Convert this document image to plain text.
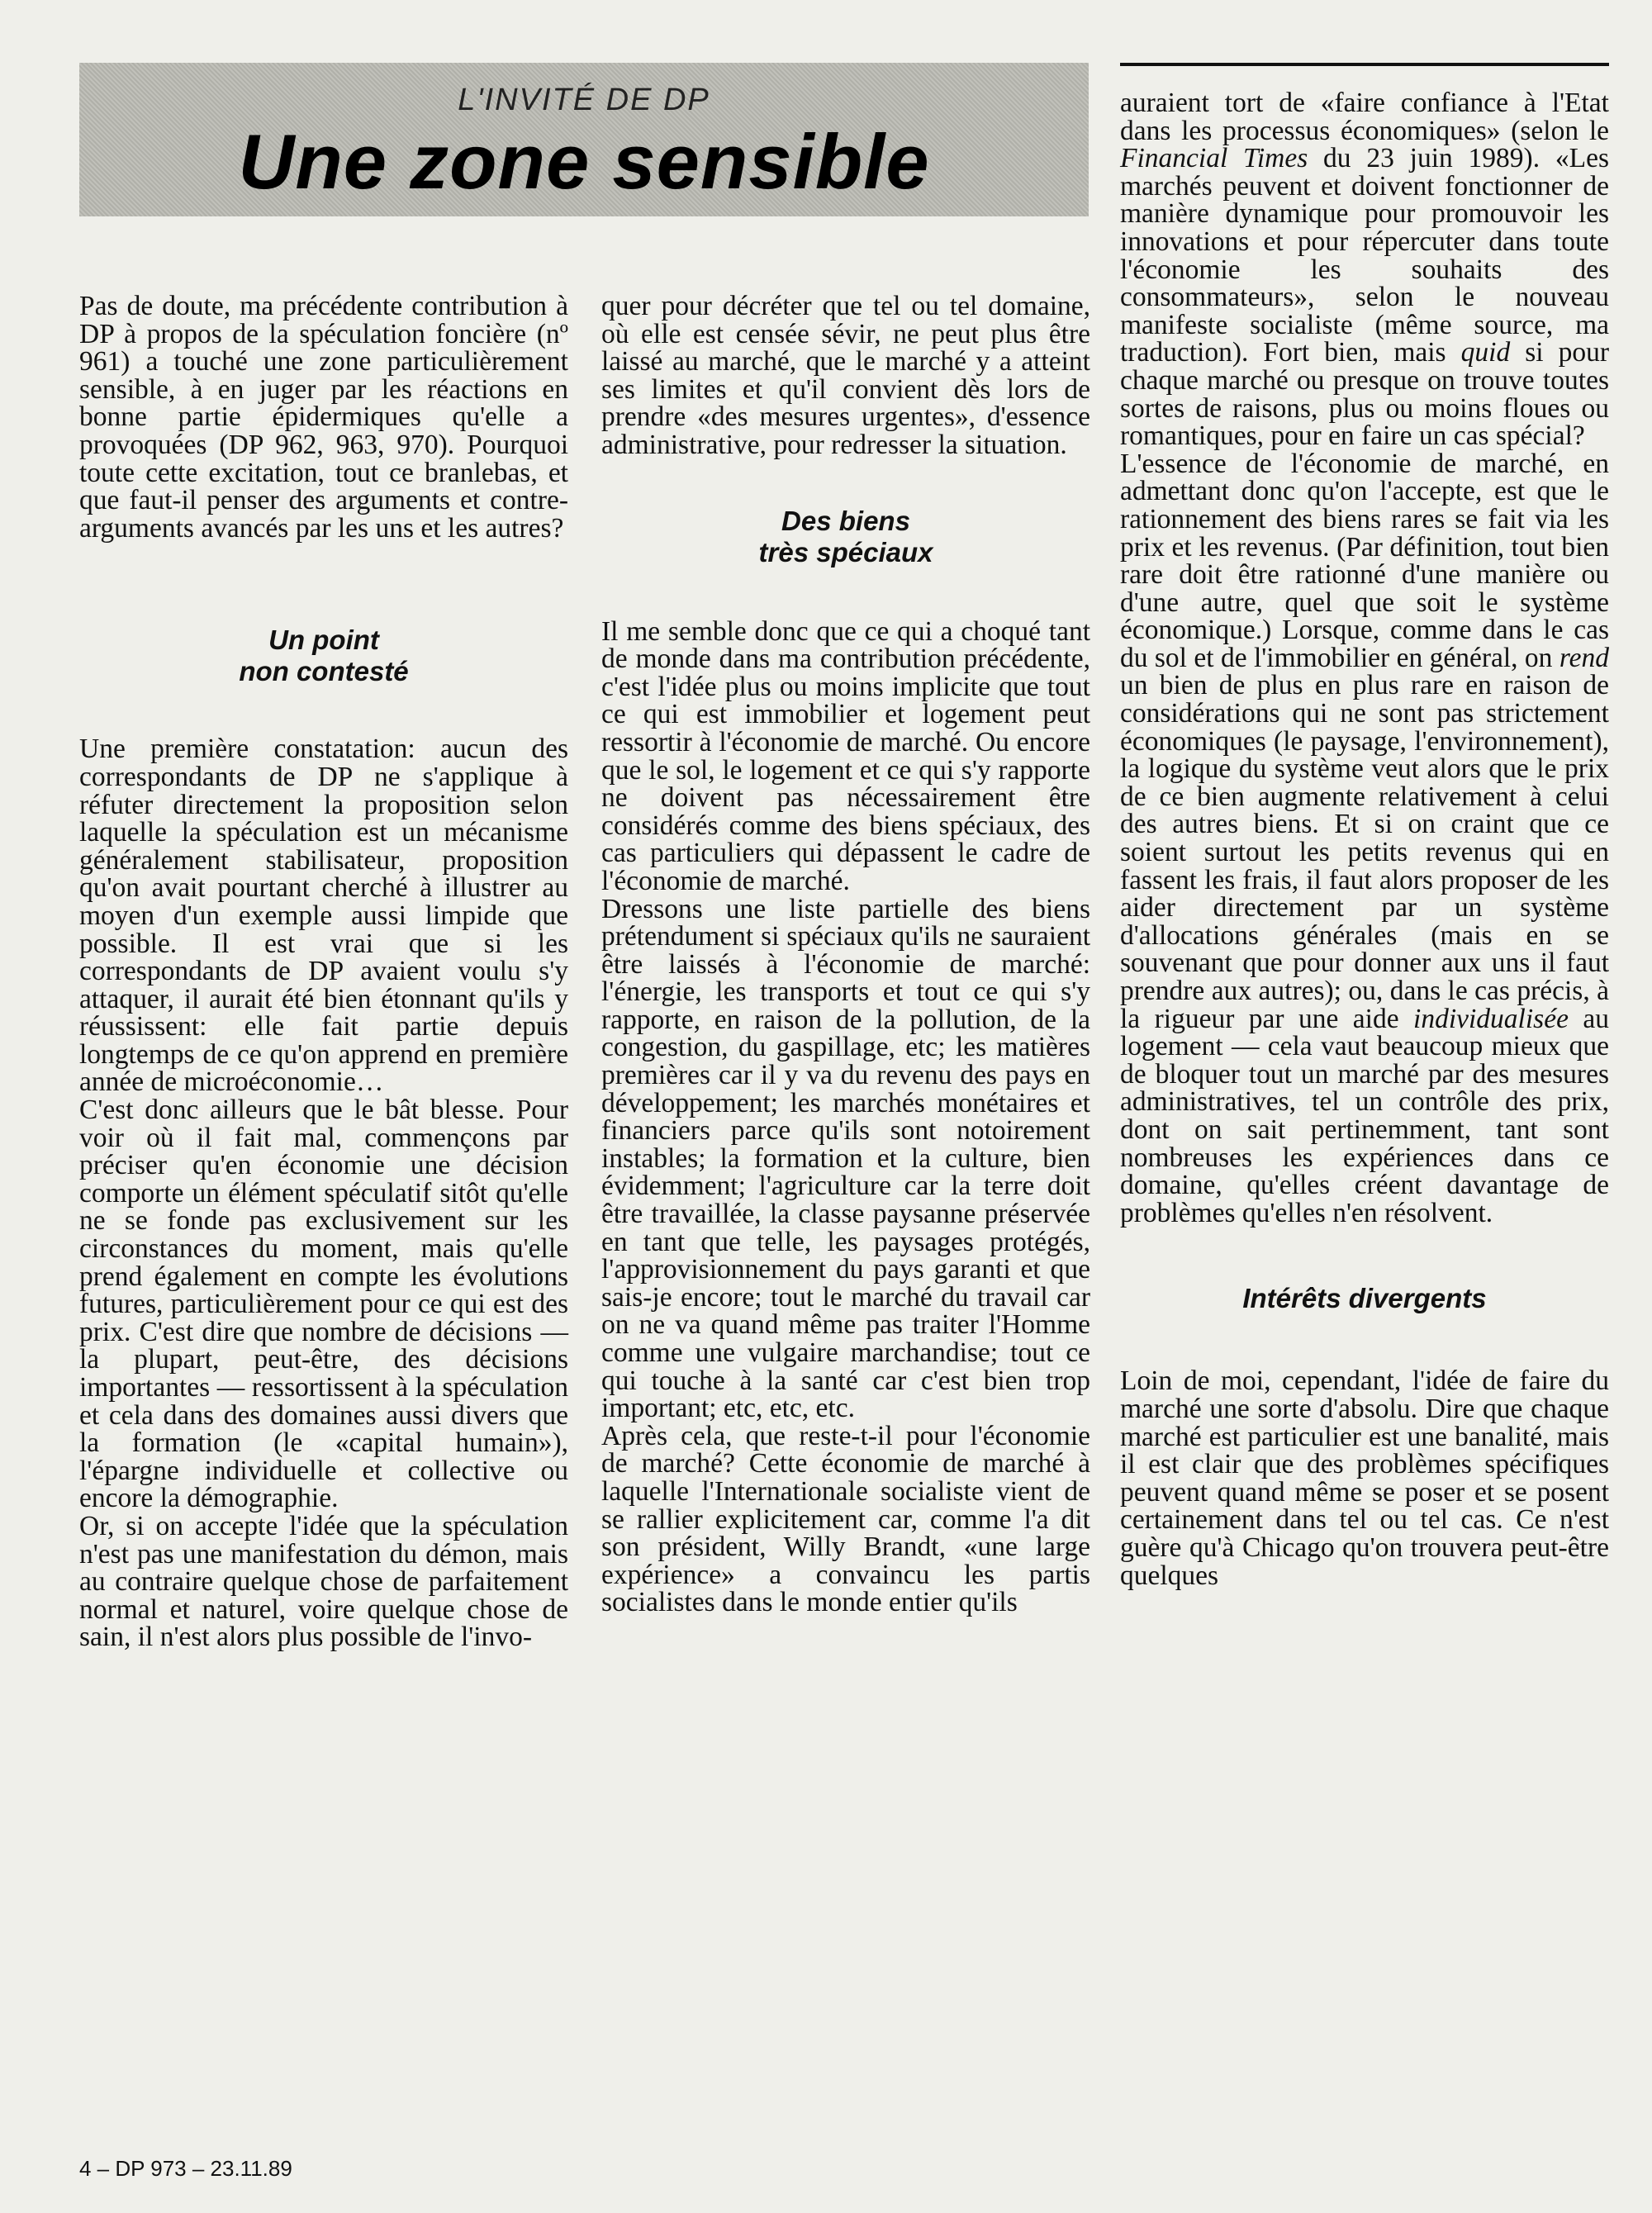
L'INVITÉ DE DP
Une zone sensible

Pas de doute, ma précédente contribution à DP à propos de la spéculation foncière (nº 961) a touché une zone particulièrement sensible, à en juger par les réactions en bonne partie épidermiques qu'elle a provoquées (DP 962, 963, 970). Pourquoi toute cette excitation, tout ce branlebas, et que faut-il penser des arguments et contre-arguments avancés par les uns et les autres?

Un point
non contesté

Une première constatation: aucun des correspondants de DP ne s'applique à réfuter directement la proposition selon laquelle la spéculation est un mécanisme généralement stabilisateur, proposition qu'on avait pourtant cherché à illustrer au moyen d'un exemple aussi limpide que possible. Il est vrai que si les correspondants de DP avaient voulu s'y attaquer, il aurait été bien étonnant qu'ils y réussissent: elle fait partie depuis longtemps de ce qu'on apprend en première année de microéconomie…

C'est donc ailleurs que le bât blesse. Pour voir où il fait mal, commençons par préciser qu'en économie une décision comporte un élément spéculatif sitôt qu'elle ne se fonde pas exclusivement sur les circonstances du moment, mais qu'elle prend également en compte les évolutions futures, particulièrement pour ce qui est des prix. C'est dire que nombre de décisions — la plupart, peut-être, des décisions importantes — ressortissent à la spéculation et cela dans des domaines aussi divers que la formation (le «capital humain»), l'épargne individuelle et collective ou encore la démographie.

Or, si on accepte l'idée que la spéculation n'est pas une manifestation du démon, mais au contraire quelque chose de parfaitement normal et naturel, voire quelque chose de sain, il n'est alors plus possible de l'invo-

quer pour décréter que tel ou tel domaine, où elle est censée sévir, ne peut plus être laissé au marché, que le marché y a atteint ses limites et qu'il convient dès lors de prendre «des mesures urgentes», d'essence administrative, pour redresser la situation.

Des biens
très spéciaux

Il me semble donc que ce qui a choqué tant de monde dans ma contribution précédente, c'est l'idée plus ou moins implicite que tout ce qui est immobilier et logement peut ressortir à l'économie de marché. Ou encore que le sol, le logement et ce qui s'y rapporte ne doivent pas nécessairement être considérés comme des biens spéciaux, des cas particuliers qui dépassent le cadre de l'économie de marché.

Dressons une liste partielle des biens prétendument si spéciaux qu'ils ne sauraient être laissés à l'économie de marché: l'énergie, les transports et tout ce qui s'y rapporte, en raison de la pollution, de la congestion, du gaspillage, etc; les matières premières car il y va du revenu des pays en développement; les marchés monétaires et financiers parce qu'ils sont notoirement instables; la formation et la culture, bien évidemment; l'agriculture car la terre doit être travaillée, la classe paysanne préservée en tant que telle, les paysages protégés, l'approvisionnement du pays garanti et que sais-je encore; tout le marché du travail car on ne va quand même pas traiter l'Homme comme une vulgaire marchandise; tout ce qui touche à la santé car c'est bien trop important; etc, etc, etc.

Après cela, que reste-t-il pour l'économie de marché? Cette économie de marché à laquelle l'Internationale socialiste vient de se rallier explicitement car, comme l'a dit son président, Willy Brandt, «une large expérience» a convaincu les partis socialistes dans le monde entier qu'ils

auraient tort de «faire confiance à l'Etat dans les processus économiques» (selon le Financial Times du 23 juin 1989). «Les marchés peuvent et doivent fonctionner de manière dynamique pour promouvoir les innovations et pour répercuter dans toute l'économie les souhaits des consommateurs», selon le nouveau manifeste socialiste (même source, ma traduction). Fort bien, mais quid si pour chaque marché ou presque on trouve toutes sortes de raisons, plus ou moins floues ou romantiques, pour en faire un cas spécial?

L'essence de l'économie de marché, en admettant donc qu'on l'accepte, est que le rationnement des biens rares se fait via les prix et les revenus. (Par définition, tout bien rare doit être rationné d'une manière ou d'une autre, quel que soit le système économique.) Lorsque, comme dans le cas du sol et de l'immobilier en général, on rend un bien de plus en plus rare en raison de considérations qui ne sont pas strictement économiques (le paysage, l'environnement), la logique du système veut alors que le prix de ce bien augmente relativement à celui des autres biens. Et si on craint que ce soient surtout les petits revenus qui en fassent les frais, il faut alors proposer de les aider directement par un système d'allocations générales (mais en se souvenant que pour donner aux uns il faut prendre aux autres); ou, dans le cas précis, à la rigueur par une aide individualisée au logement — cela vaut beaucoup mieux que de bloquer tout un marché par des mesures administratives, tel un contrôle des prix, dont on sait pertinemment, tant sont nombreuses les expériences dans ce domaine, qu'elles créent davantage de problèmes qu'elles n'en résolvent.

Intérêts divergents

Loin de moi, cependant, l'idée de faire du marché une sorte d'absolu. Dire que chaque marché est particulier est une banalité, mais il est clair que des problèmes spécifiques peuvent quand même se poser et se posent certainement dans tel ou tel cas. Ce n'est guère qu'à Chicago qu'on trouvera peut-être quelques

4 – DP 973 – 23.11.89
